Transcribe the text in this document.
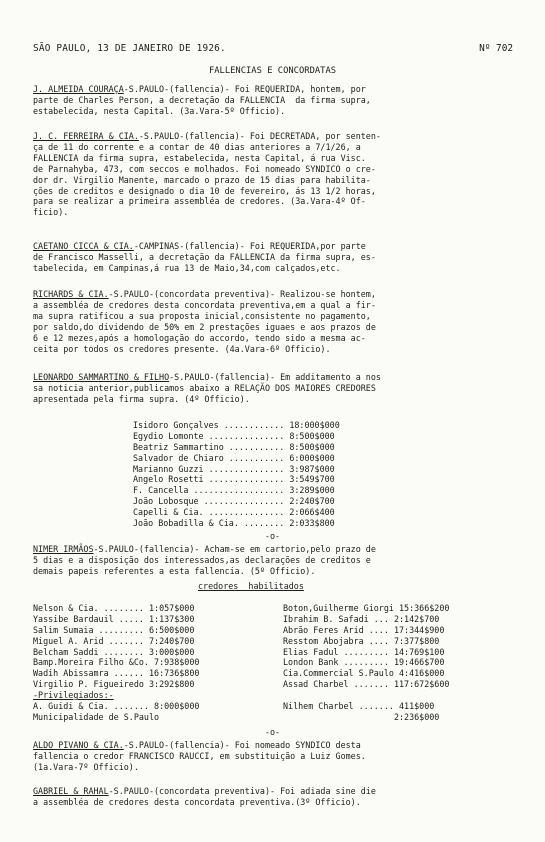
SÃO PAULO, 13 DE JANEIRO DE 1926.	Nº 702
FALLENCIAS E CONCORDATAS
J. ALMEIDA COURAÇA-S.PAULO-(fallencia)- Foi REQUERIDA, hontem, por
parte de Charles Person, a decretação da FALLENCIA  da firma supra,
estabelecida, nesta Capital. (3a.Vara-5º Officio).
J. C. FERREIRA & CIA.-S.PAULO-(fallencia)- Foi DECRETADA, por senten-
ça de 11 do corrente e a contar de 40 dias anteriores a 7/1/26, a
FALLENCIA da firma supra, estabelecida, nesta Capital, á rua Visc.
de Parnahyba, 473, com seccos e molhados. Foi nomeado SYNDICO o cre-
dor dr. Virgilio Manente, marcado o prazo de 15 dias para habilita-
ções de creditos e designado o dia 10 de fevereiro, ás 13 1/2 horas,
para se realizar a primeira assembléa de credores. (3a.Vara-4º Of-
ficio).
CAETANO CICCA & CIA.-CAMPINAS-(fallencia)- Foi REQUERIDA,por parte
de Francisco Masselli, a decretação da FALLENCIA da firma supra, es-
tabelecida, em Campinas,á rua 13 de Maio,34,com calçados,etc.
RICHARDS & CIA.-S.PAULO-(concordata preventiva)- Realizou-se hontem,
a assembléa de credores desta concordata preventiva,em a qual a fir-
ma supra ratificou a sua proposta inicial,consistente no pagamento,
por saldo,do dividendo de 50% em 2 prestações iguaes e aos prazos de
6 e 12 mezes,após a homologação do accordo, tendo sido a mesma ac-
ceita por todos os credores presente. (4a.Vara-6º Officio).
LEONARDO SAMMARTINO & FILHO-S.PAULO-(fallencia)- Em additamento a nos
sa noticia anterior,publicamos abaixo a RELAÇÃO DOS MAIORES CREDORES
apresentada pela firma supra. (4º Officio).

Isidoro Gonçalves ............ 18:000$000
Egydio Lomonte ............... 8:500$000
Beatriz Sammartino ........... 8:500$000
Salvador de Chiaro ........... 6:000$000
Marianno Guzzi ............... 3:987$000
Angelo Rosetti ............... 3:549$700
F. Cancella .................. 3:289$000
João Lobosque ................ 2:240$700
Capelli & Cia. ............... 2:066$400
João Bobadilla & Cia. ........ 2:033$800
-o-
NIMER IRMÃOS-S.PAULO-(fallencia)- Acham-se em cartorio,pelo prazo de
5 dias e a disposição dos interessados,as declarações de creditos e
demais papeis referentes a esta fallencia. (5º Officio).
credores  habilitados

Nelson & Cia. ........ 1:057$000
Yassibe Bardauil ..... 1:137$300
Salim Sumaia ......... 6:500$000
Miguel A. Arid ....... 7:240$700
Belcham Saddi ........ 3:000$000
Bamp.Moreira Filho &Co. 7:938$000
Wadih Abissamra ...... 16:736$800
Virgilio P. Figueiredo 3:292$800
-Privilegiados:-
A. Guidi & Cia. ....... 8:000$000
Municipalidade de S.Paulo

Boton,Guilherme Giorgi 15:366$200
Ibrahim B. Safadi ... 2:142$700
Abrão Feres Arid .... 17:344$900
Resstom Abojabra .... 7:377$800
Elias Fadul ......... 14:769$100
London Bank ......... 19:466$700
Cia.Commercial S.Paulo 4:416$000
Assad Charbel ....... 117:672$600

Nilhem Charbel ....... 411$000
2:236$000
-o-
ALDO PIVANO & CIA.-S.PAULO-(fallencia)- Foi nomeado SYNDICO desta
fallencia o credor FRANCISCO RAUCCI, em substituição a Luiz Gomes.
(1a.Vara-7º Officio).
GABRIEL & RAHAL-S.PAULO-(concordata preventiva)- Foi adiada sine die
a assembléa de credores desta concordata preventiva.(3º Officio).
